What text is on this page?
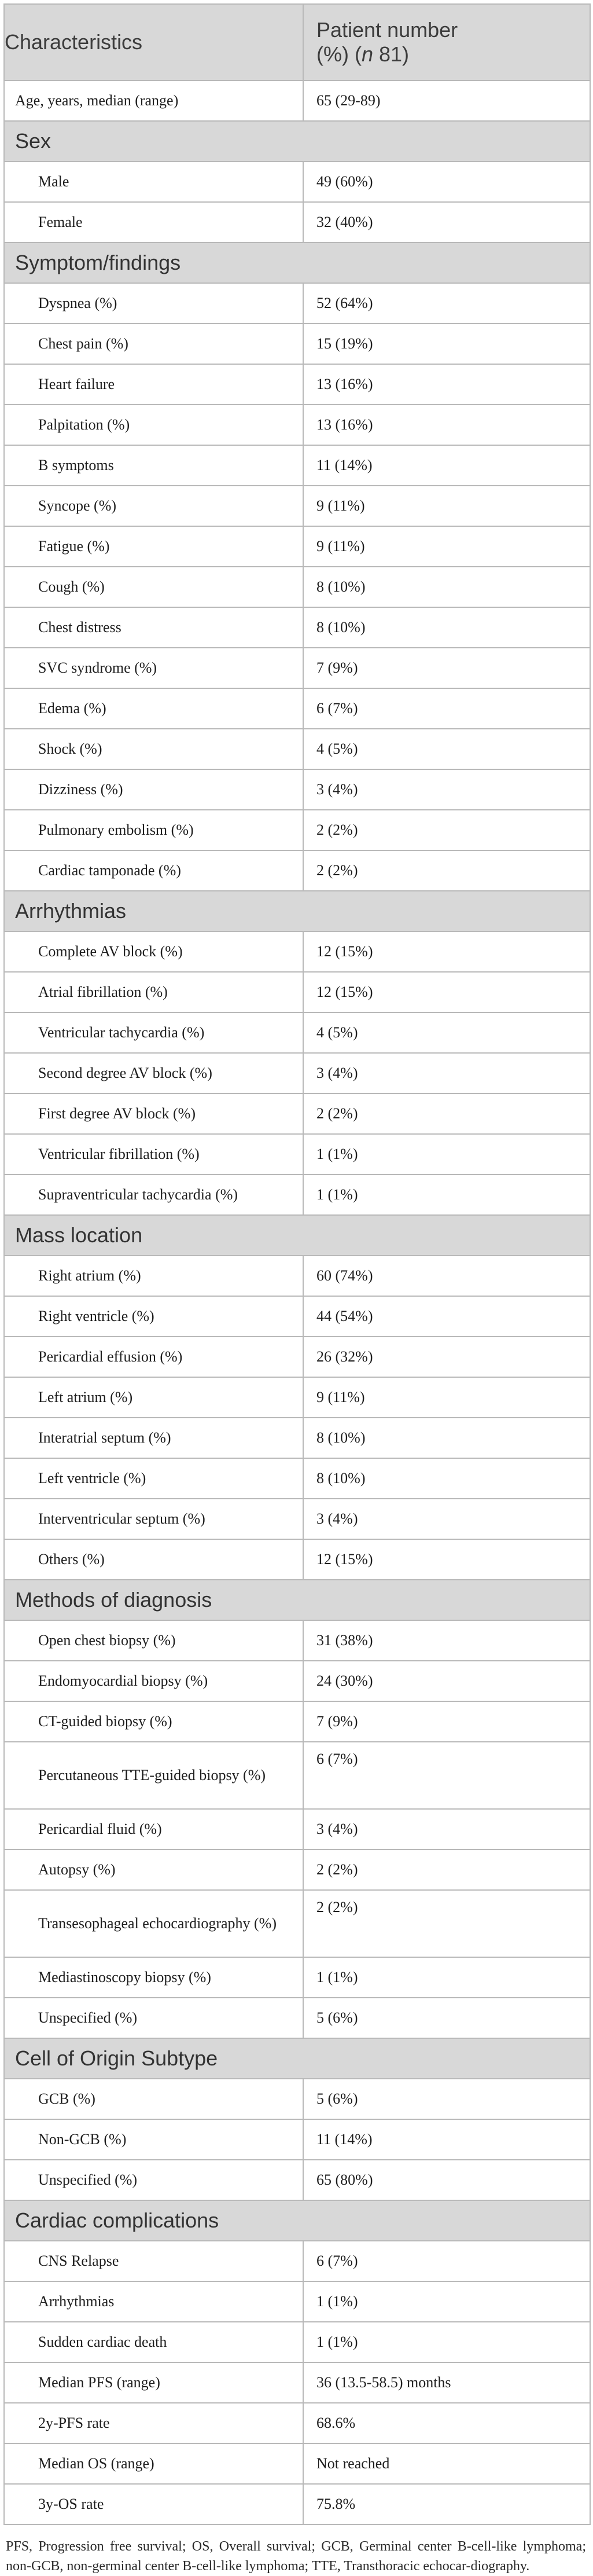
Characteristics	Patient number
(%) (n 81)
Age, years, median (range)	65 (29-89)
Sex	
Male	49 (60%)
Female	32 (40%)
Symptom/findings	
Dyspnea (%)	52 (64%)
Chest pain (%)	15 (19%)
Heart failure	13 (16%)
Palpitation (%)	13 (16%)
B symptoms	11 (14%)
Syncope (%)	9 (11%)
Fatigue (%)	9 (11%)
Cough (%)	8 (10%)
Chest distress	8 (10%)
SVC syndrome (%)	7 (9%)
Edema (%)	6 (7%)
Shock (%)	4 (5%)
Dizziness (%)	3 (4%)
Pulmonary embolism (%)	2 (2%)
Cardiac tamponade (%)	2 (2%)
Arrhythmias	
Complete AV block (%)	12 (15%)
Atrial fibrillation (%)	12 (15%)
Ventricular tachycardia (%)	4 (5%)
Second degree AV block (%)	3 (4%)
First degree AV block (%)	2 (2%)
Ventricular fibrillation (%)	1 (1%)
Supraventricular tachycardia (%)	1 (1%)
Mass location	
Right atrium (%)	60 (74%)
Right ventricle (%)	44 (54%)
Pericardial effusion (%)	26 (32%)
Left atrium (%)	9 (11%)
Interatrial septum (%)	8 (10%)
Left ventricle (%)	8 (10%)
Interventricular septum (%)	3 (4%)
Others (%)	12 (15%)
Methods of diagnosis	
Open chest biopsy (%)	31 (38%)
Endomyocardial biopsy (%)	24 (30%)
CT-guided biopsy (%)	7 (9%)
Percutaneous TTE-guided biopsy (%)	6 (7%)
Pericardial fluid (%)	3 (4%)
Autopsy (%)	2 (2%)
Transesophageal echocardiography (%)	2 (2%)
Mediastinoscopy biopsy (%)	1 (1%)
Unspecified (%)	5 (6%)
Cell of Origin Subtype	
GCB (%)	5 (6%)
Non-GCB (%)	11 (14%)
Unspecified (%)	65 (80%)
Cardiac complications	
CNS Relapse	6 (7%)
Arrhythmias	1 (1%)
Sudden cardiac death	1 (1%)
Median PFS (range)	36 (13.5-58.5) months
2y-PFS rate	68.6%
Median OS (range)	Not reached
3y-OS rate	75.8%
PFS, Progression free survival; OS, Overall survival; GCB, Germinal center B-cell-like lymphoma; non-GCB, non-germinal center B-cell-like lymphoma; TTE, Transthoracic echocar-diography.
